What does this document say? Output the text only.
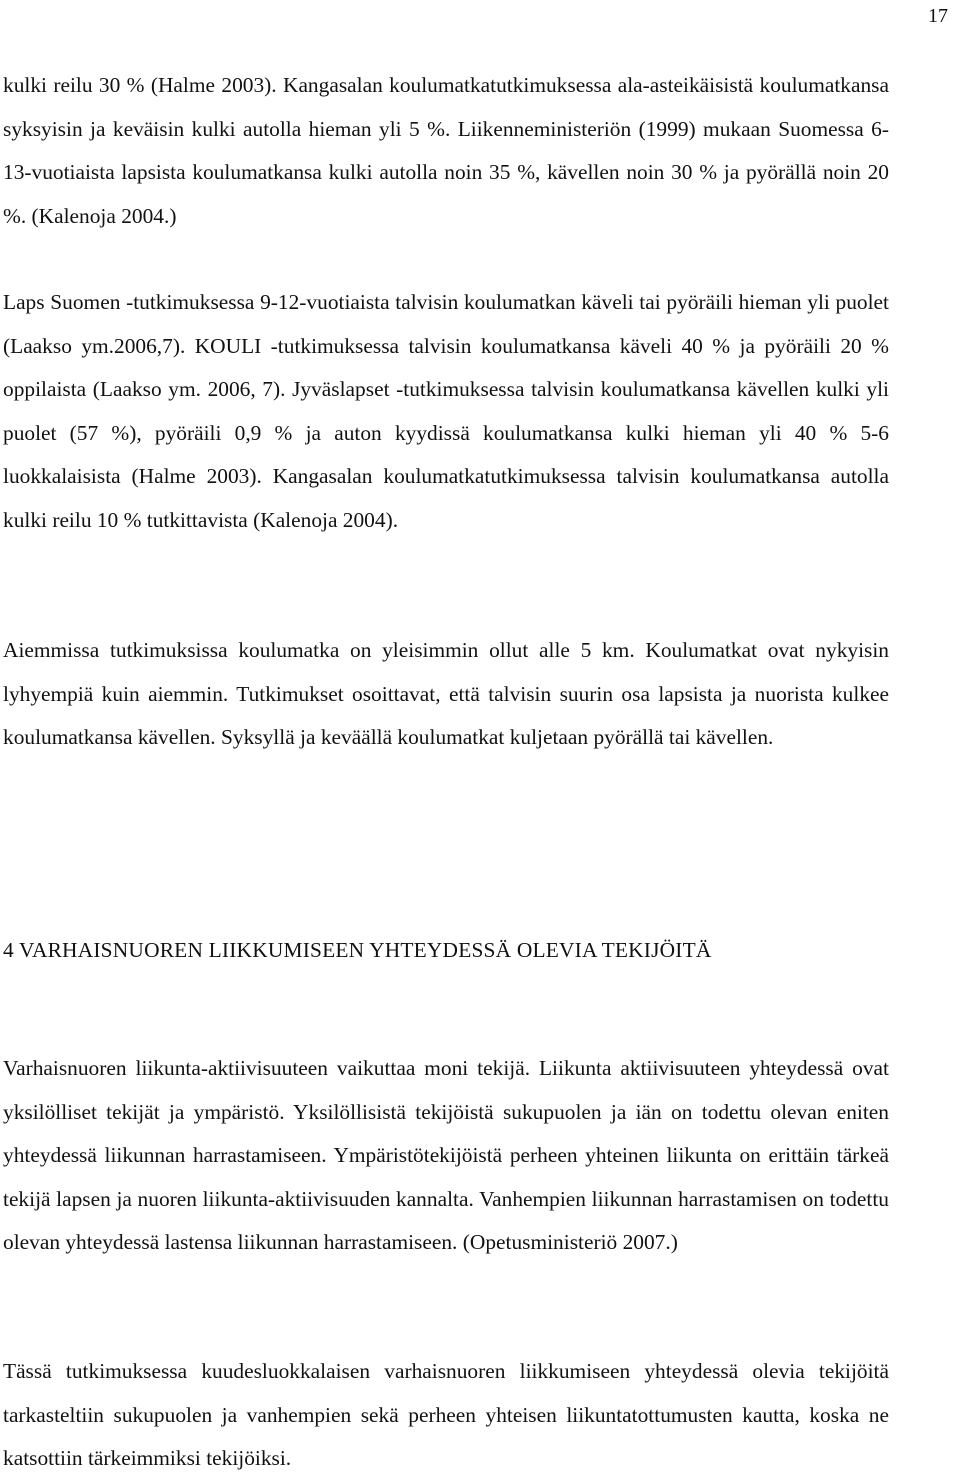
17

kulki reilu 30 % (Halme 2003). Kangasalan koulumatkatutkimuksessa ala-asteikäisistä koulumatkansa syksyisin ja keväisin kulki autolla hieman yli 5 %. Liikenneministeriön (1999) mukaan Suomessa 6-13-vuotiaista lapsista koulumatkansa kulki autolla noin 35 %, kävellen noin 30 % ja pyörällä noin 20 %. (Kalenoja 2004.)

Laps Suomen -tutkimuksessa 9-12-vuotiaista talvisin koulumatkan käveli tai pyöräili hieman yli puolet (Laakso ym.2006,7). KOULI -tutkimuksessa talvisin koulumatkansa käveli 40 % ja pyöräili 20 % oppilaista (Laakso ym. 2006, 7). Jyväslapset -tutkimuksessa talvisin koulumatkansa kävellen kulki yli puolet (57 %), pyöräili 0,9 % ja auton kyydissä koulumatkansa kulki hieman yli 40 % 5-6 luokkalaisista (Halme 2003). Kangasalan koulumatkatutkimuksessa talvisin koulumatkansa autolla kulki reilu 10 % tutkittavista (Kalenoja 2004).

Aiemmissa tutkimuksissa koulumatka on yleisimmin ollut alle 5 km. Koulumatkat ovat nykyisin lyhyempiä kuin aiemmin. Tutkimukset osoittavat, että talvisin suurin osa lapsista ja nuorista kulkee koulumatkansa kävellen. Syksyllä ja keväällä koulumatkat kuljetaan pyörällä tai kävellen.

4 VARHAISNUOREN LIIKKUMISEEN YHTEYDESSÄ OLEVIA TEKIJÖITÄ

Varhaisnuoren liikunta-aktiivisuuteen vaikuttaa moni tekijä. Liikunta aktiivisuuteen yhteydessä ovat yksilölliset tekijät ja ympäristö. Yksilöllisistä tekijöistä sukupuolen ja iän on todettu olevan eniten yhteydessä liikunnan harrastamiseen. Ympäristötekijöistä perheen yhteinen liikunta on erittäin tärkeä tekijä lapsen ja nuoren liikunta-aktiivisuuden kannalta. Vanhempien liikunnan harrastamisen on todettu olevan yhteydessä lastensa liikunnan harrastamiseen. (Opetusministeriö 2007.)

Tässä tutkimuksessa kuudesluokkalaisen varhaisnuoren liikkumiseen yhteydessä olevia tekijöitä tarkasteltiin sukupuolen ja vanhempien sekä perheen yhteisen liikuntatottumusten kautta, koska ne katsottiin tärkeimmiksi tekijöiksi.
